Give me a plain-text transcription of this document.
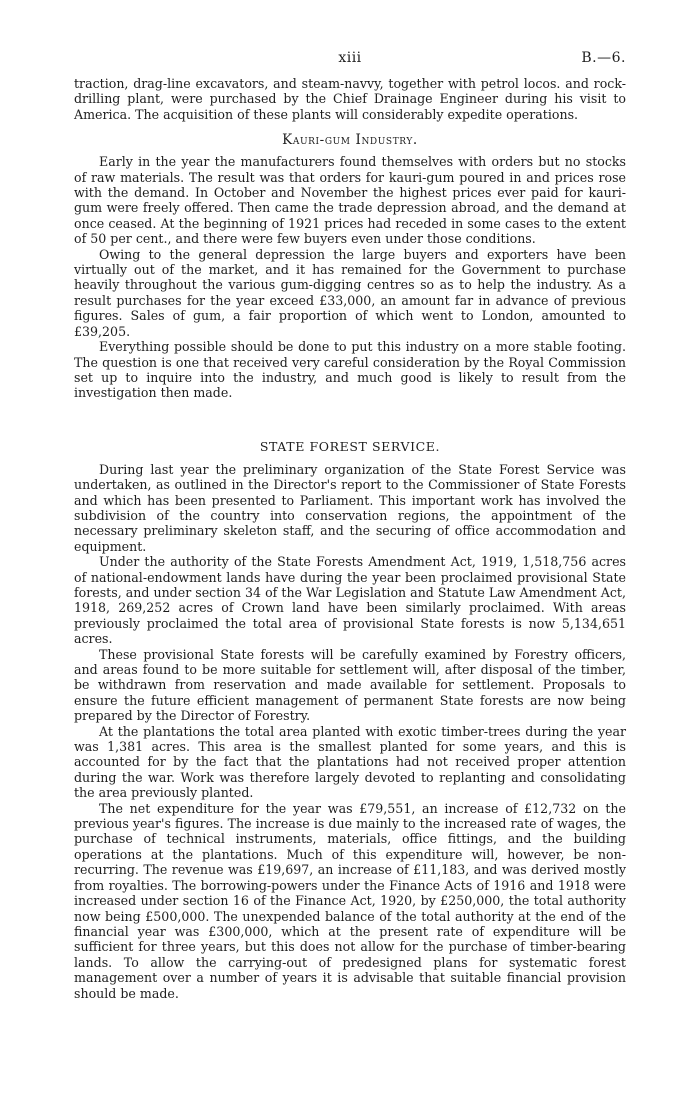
xiii	B.—6.

traction, drag-line excavators, and steam-navvy, together with petrol locos. and rock-drilling plant, were purchased by the Chief Drainage Engineer during his visit to America. The acquisition of these plants will considerably expedite operations.

Kauri-gum Industry.

Early in the year the manufacturers found themselves with orders but no stocks of raw materials. The result was that orders for kauri-gum poured in and prices rose with the demand. In October and November the highest prices ever paid for kauri-gum were freely offered. Then came the trade depression abroad, and the demand at once ceased. At the beginning of 1921 prices had receded in some cases to the extent of 50 per cent., and there were few buyers even under those conditions.

Owing to the general depression the large buyers and exporters have been virtually out of the market, and it has remained for the Government to purchase heavily throughout the various gum-digging centres so as to help the industry. As a result purchases for the year exceed £33,000, an amount far in advance of previous figures. Sales of gum, a fair proportion of which went to London, amounted to £39,205.

Everything possible should be done to put this industry on a more stable footing. The question is one that received very careful consideration by the Royal Commission set up to inquire into the industry, and much good is likely to result from the investigation then made.

STATE FOREST SERVICE.

During last year the preliminary organization of the State Forest Service was undertaken, as outlined in the Director's report to the Commissioner of State Forests and which has been presented to Parliament. This important work has involved the subdivision of the country into conservation regions, the appointment of the necessary preliminary skeleton staff, and the securing of office accommodation and equipment.

Under the authority of the State Forests Amendment Act, 1919, 1,518,756 acres of national-endowment lands have during the year been proclaimed provisional State forests, and under section 34 of the War Legislation and Statute Law Amendment Act, 1918, 269,252 acres of Crown land have been similarly proclaimed. With areas previously proclaimed the total area of provisional State forests is now 5,134,651 acres.

These provisional State forests will be carefully examined by Forestry officers, and areas found to be more suitable for settlement will, after disposal of the timber, be withdrawn from reservation and made available for settlement. Proposals to ensure the future efficient management of permanent State forests are now being prepared by the Director of Forestry.

At the plantations the total area planted with exotic timber-trees during the year was 1,381 acres. This area is the smallest planted for some years, and this is accounted for by the fact that the plantations had not received proper attention during the war. Work was therefore largely devoted to replanting and consolidating the area previously planted.

The net expenditure for the year was £79,551, an increase of £12,732 on the previous year's figures. The increase is due mainly to the increased rate of wages, the purchase of technical instruments, materials, office fittings, and the building operations at the plantations. Much of this expenditure will, however, be non-recurring. The revenue was £19,697, an increase of £11,183, and was derived mostly from royalties. The borrowing-powers under the Finance Acts of 1916 and 1918 were increased under section 16 of the Finance Act, 1920, by £250,000, the total authority now being £500,000. The unexpended balance of the total authority at the end of the financial year was £300,000, which at the present rate of expenditure will be sufficient for three years, but this does not allow for the purchase of timber-bearing lands. To allow the carrying-out of predesigned plans for systematic forest management over a number of years it is advisable that suitable financial provision should be made.
